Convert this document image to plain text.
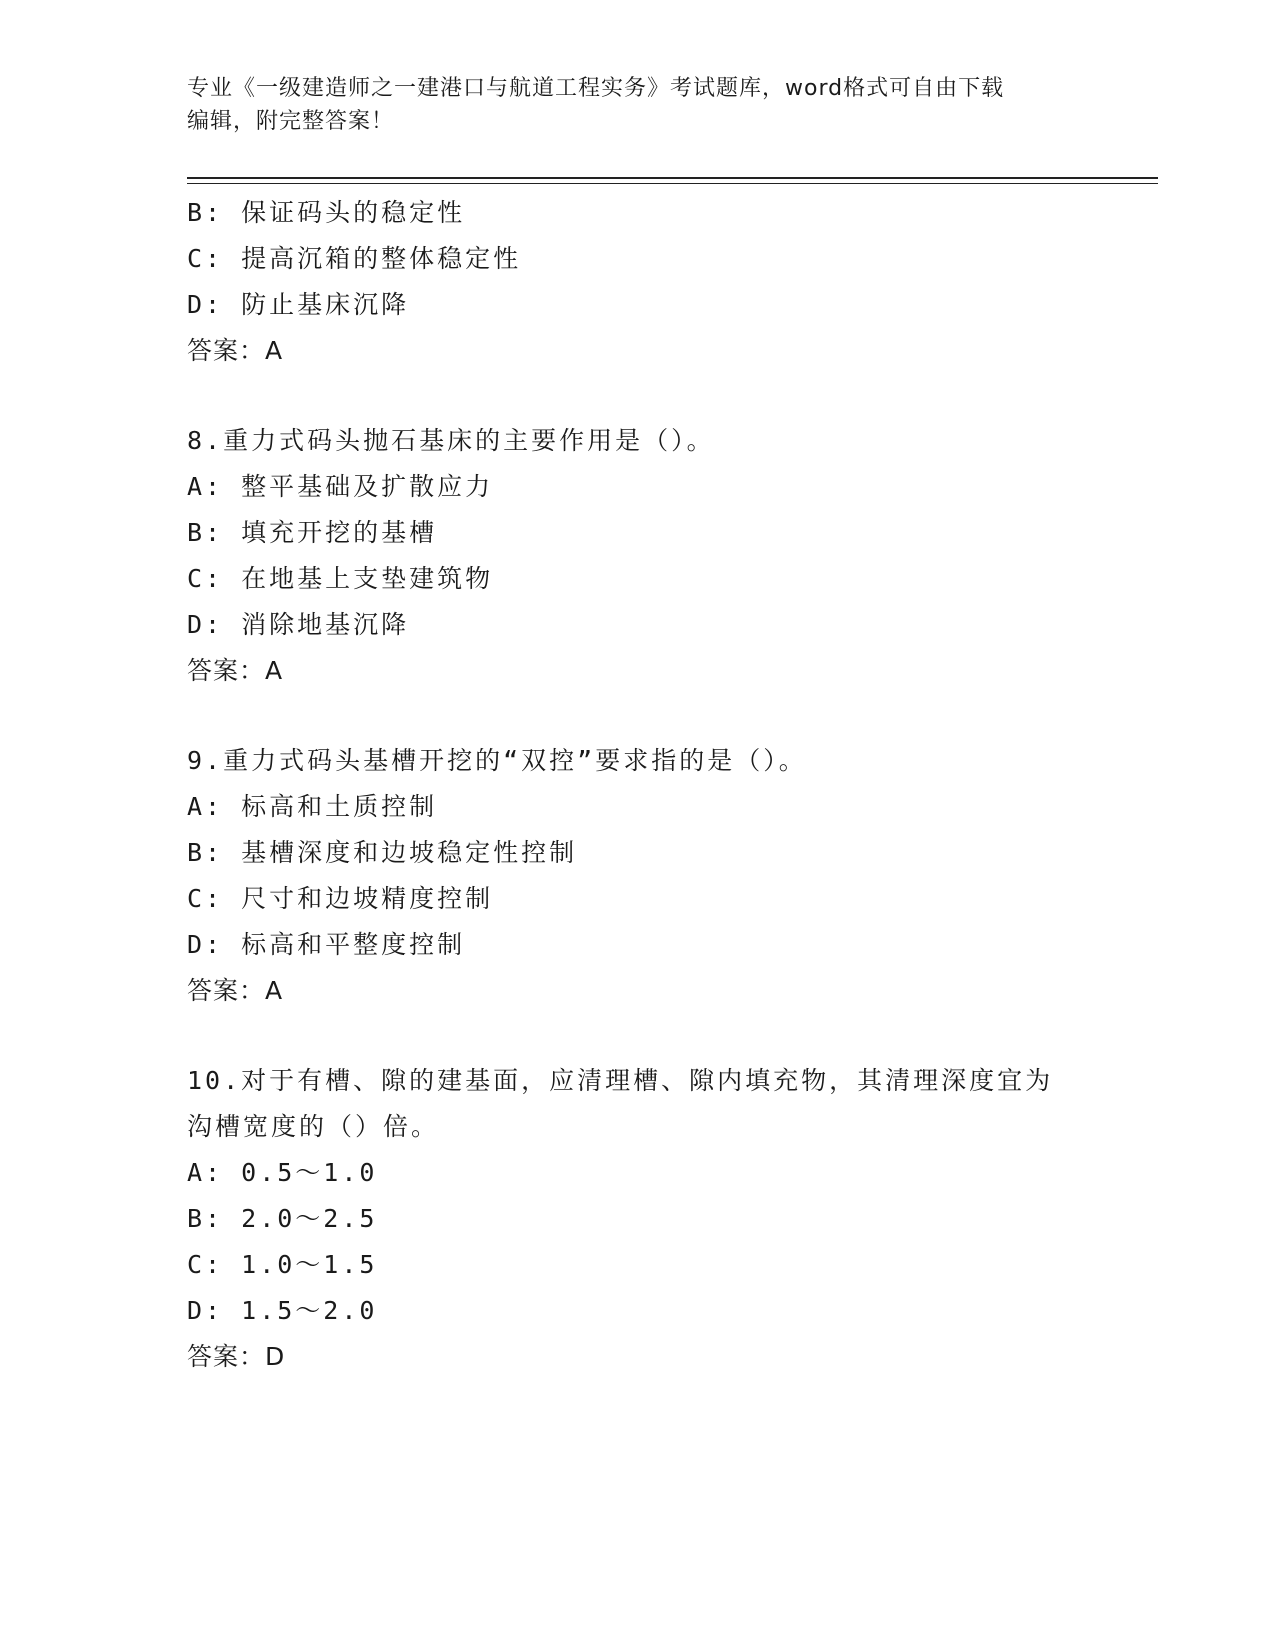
专业《一级建造师之一建港口与航道工程实务》考试题库，word格式可自由下载
编辑，附完整答案！
B: 保证码头的稳定性
C: 提高沉箱的整体稳定性
D: 防止基床沉降
答案：A
8.重力式码头抛石基床的主要作用是（）。
A: 整平基础及扩散应力
B: 填充开挖的基槽
C: 在地基上支垫建筑物
D: 消除地基沉降
答案：A
9.重力式码头基槽开挖的“双控”要求指的是（）。
A: 标高和土质控制
B: 基槽深度和边坡稳定性控制
C: 尺寸和边坡精度控制
D: 标高和平整度控制
答案：A
10.对于有槽、隙的建基面，应清理槽、隙内填充物，其清理深度宜为
沟槽宽度的（）倍。
A: 0.5～1.0
B: 2.0～2.5
C: 1.0～1.5
D: 1.5～2.0
答案：D
